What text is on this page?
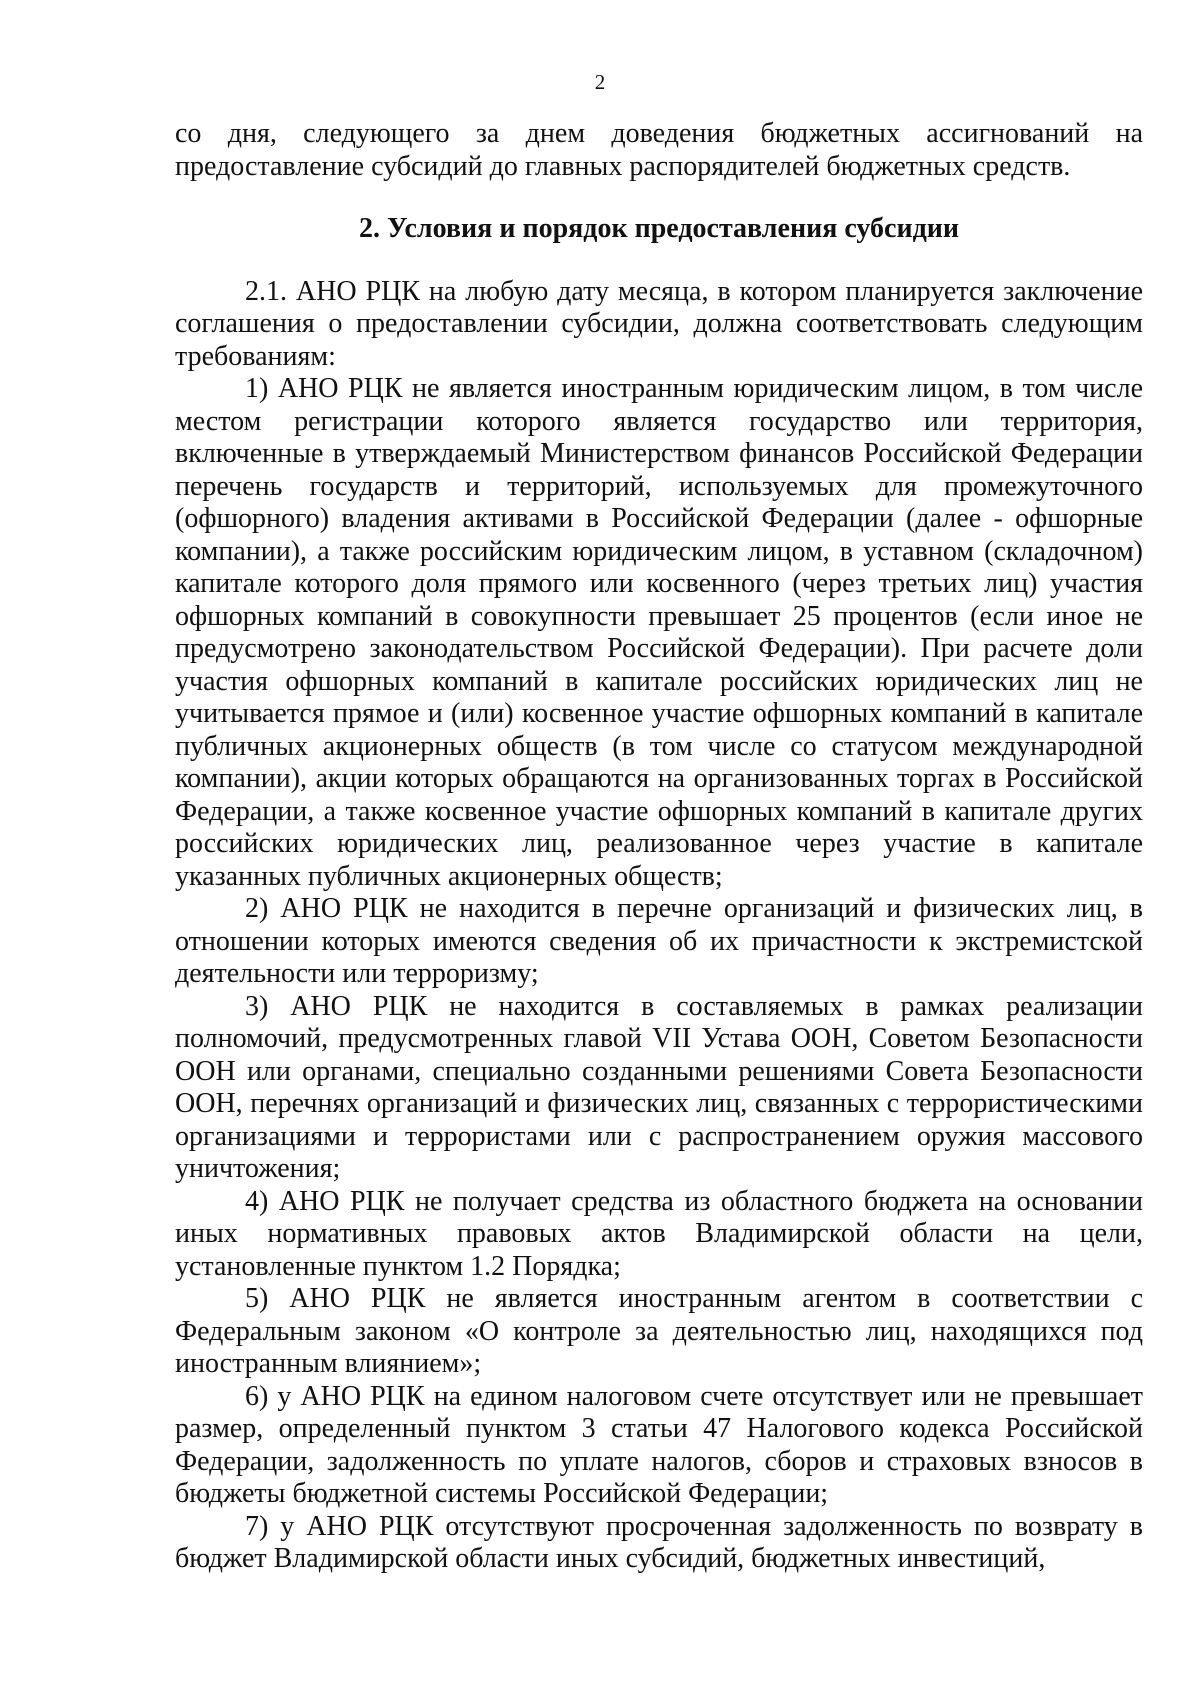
2

со дня, следующего за днем доведения бюджетных ассигнований на предоставление субсидий до главных распорядителей бюджетных средств.

2. Условия и порядок предоставления субсидии

2.1. АНО РЦК на любую дату месяца, в котором планируется заключение соглашения о предоставлении субсидии, должна соответствовать следующим требованиям:

1) АНО РЦК не является иностранным юридическим лицом, в том числе местом регистрации которого является государство или территория, включенные в утверждаемый Министерством финансов Российской Федерации перечень государств и территорий, используемых для промежуточного (офшорного) владения активами в Российской Федерации (далее - офшорные компании), а также российским юридическим лицом, в уставном (складочном) капитале которого доля прямого или косвенного (через третьих лиц) участия офшорных компаний в совокупности превышает 25 процентов (если иное не предусмотрено законодательством Российской Федерации). При расчете доли участия офшорных компаний в капитале российских юридических лиц не учитывается прямое и (или) косвенное участие офшорных компаний в капитале публичных акционерных обществ (в том числе со статусом международной компании), акции которых обращаются на организованных торгах в Российской Федерации, а также косвенное участие офшорных компаний в капитале других российских юридических лиц, реализованное через участие в капитале указанных публичных акционерных обществ;

2) АНО РЦК не находится в перечне организаций и физических лиц, в отношении которых имеются сведения об их причастности к экстремистской деятельности или терроризму;

3) АНО РЦК не находится в составляемых в рамках реализации полномочий, предусмотренных главой VII Устава ООН, Советом Безопасности ООН или органами, специально созданными решениями Совета Безопасности ООН, перечнях организаций и физических лиц, связанных с террористическими организациями и террористами или с распространением оружия массового уничтожения;

4) АНО РЦК не получает средства из областного бюджета на основании иных нормативных правовых актов Владимирской области на цели, установленные пунктом 1.2 Порядка;

5) АНО РЦК не является иностранным агентом в соответствии с Федеральным законом «О контроле за деятельностью лиц, находящихся под иностранным влиянием»;

6) у АНО РЦК на едином налоговом счете отсутствует или не превышает размер, определенный пунктом 3 статьи 47 Налогового кодекса Российской Федерации, задолженность по уплате налогов, сборов и страховых взносов в бюджеты бюджетной системы Российской Федерации;

7) у АНО РЦК отсутствуют просроченная задолженность по возврату в бюджет Владимирской области иных субсидий, бюджетных инвестиций,
